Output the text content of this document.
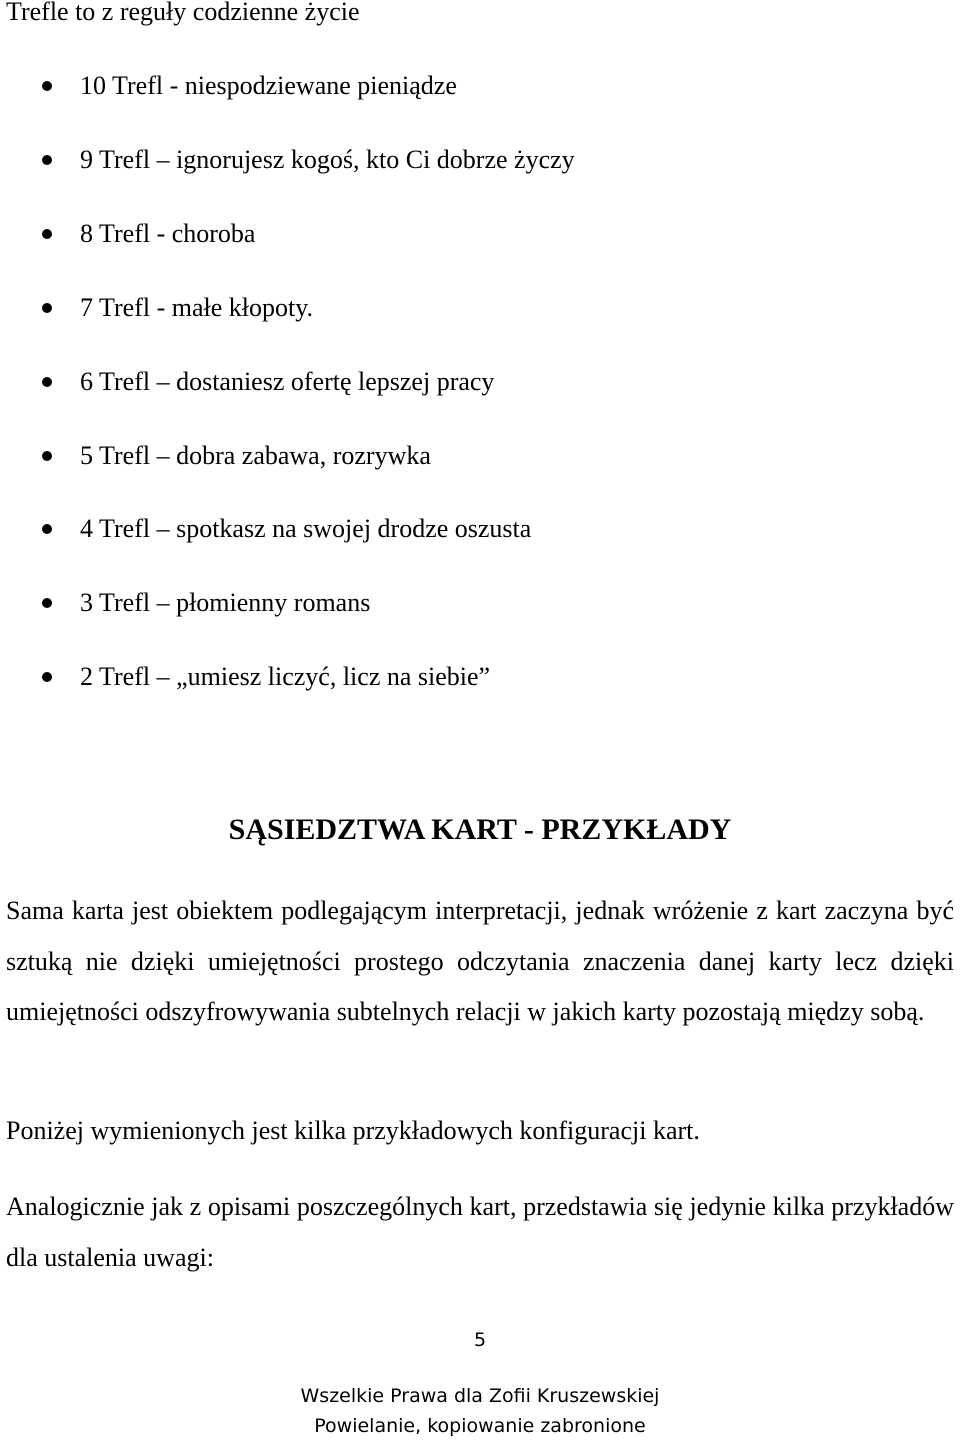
Trefle to z reguły codzienne życie
10 Trefl - niespodziewane pieniądze
9 Trefl – ignorujesz kogoś, kto Ci dobrze życzy
8 Trefl - choroba
7 Trefl - małe kłopoty.
6 Trefl – dostaniesz ofertę lepszej pracy
5 Trefl – dobra zabawa, rozrywka
4 Trefl – spotkasz na swojej drodze oszusta
3 Trefl – płomienny romans
2 Trefl – „umiesz liczyć, licz na siebie”
SĄSIEDZTWA KART - PRZYKŁADY

Sama karta jest obiektem podlegającym interpretacji, jednak wróżenie z kart zaczyna być sztuką nie dzięki umiejętności prostego odczytania znaczenia danej karty lecz dzięki umiejętności odszyfrowywania subtelnych relacji w jakich karty pozostają między sobą.

Poniżej wymienionych jest kilka przykładowych konfiguracji kart.

Analogicznie jak z opisami poszczególnych kart, przedstawia się jedynie kilka przykładów dla ustalenia uwagi:

5
Wszelkie Prawa dla Zofii Kruszewskiej
Powielanie, kopiowanie zabronione
